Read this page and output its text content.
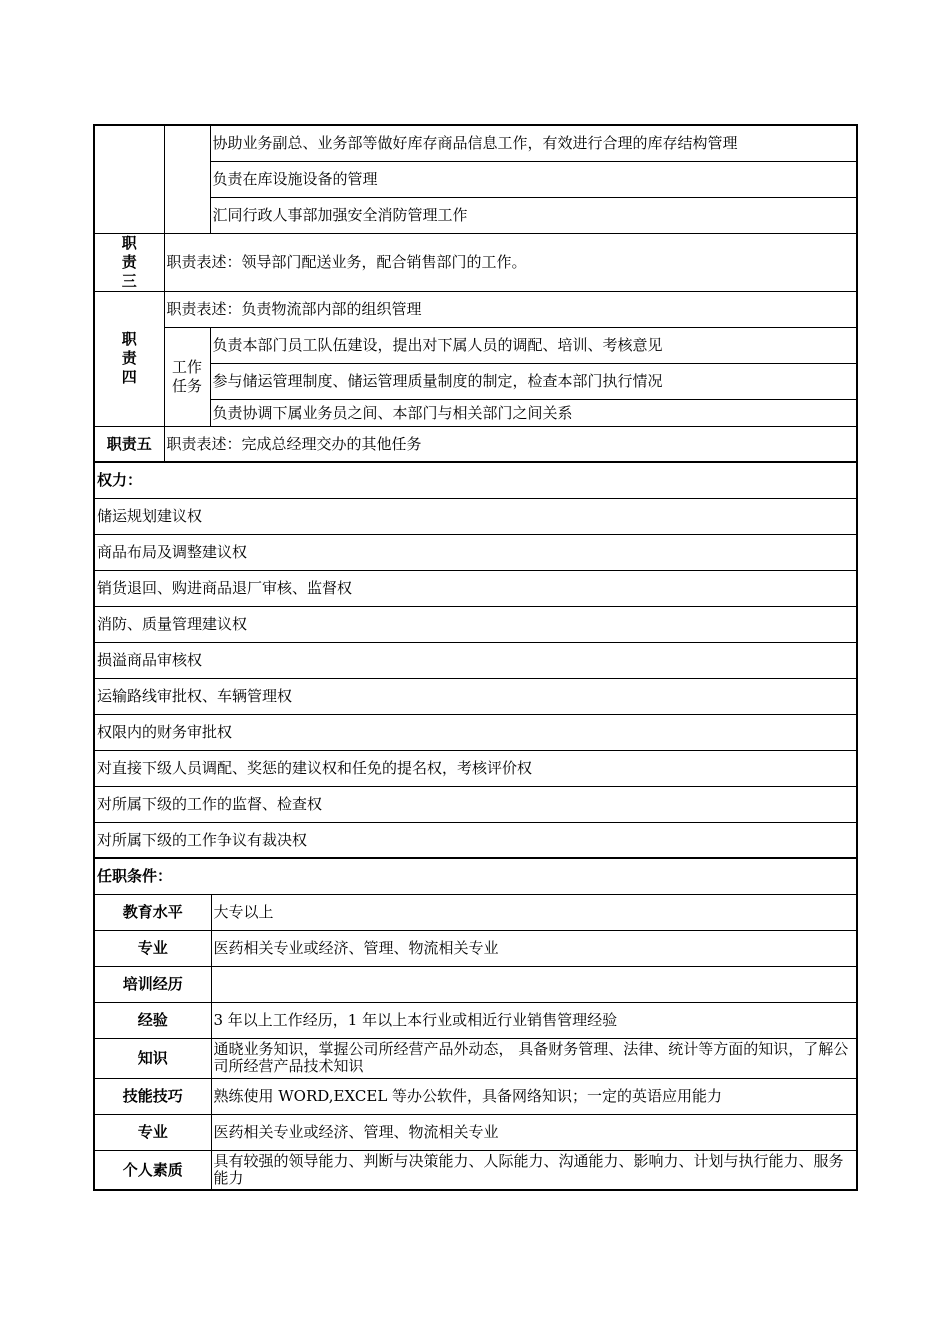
		协助业务副总、业务部等做好库存商品信息工作，有效进行合理的库存结构管理
		负责在库设施设备的管理
		汇同行政人事部加强安全消防管理工作

职
责
三	职责表述：领导部门配送业务，配合销售部门的工作。	

职
责
四	职责表述：负责物流部内部的组织管理	

	工作
任务	负责本部门员工队伍建设，提出对下属人员的调配、培训、考核意见
		参与储运管理制度、储运管理质量制度的制定，检查本部门执行情况
		负责协调下属业务员之间、本部门与相关部门之间关系
职责五	职责表述：完成总经理交办的其他任务	
权力：
储运规划建议权
商品布局及调整建议权
销货退回、购进商品退厂审核、监督权
消防、质量管理建议权
损溢商品审核权
运输路线审批权、车辆管理权
权限内的财务审批权
对直接下级人员调配、奖惩的建议权和任免的提名权，考核评价权
对所属下级的工作的监督、检查权
对所属下级的工作争议有裁决权
任职条件：	
教育水平	大专以上
专业	医药相关专业或经济、管理、物流相关专业
培训经历	
经验	3 年以上工作经历，1 年以上本行业或相近行业销售管理经验
知识	通晓业务知识，掌握公司所经营产品外动态， 具备财务管理、法律、统计等方面的知识，了解公司所经营产品技术知识
技能技巧	熟练使用 WORD,EXCEL 等办公软件，具备网络知识；一定的英语应用能力
专业	医药相关专业或经济、管理、物流相关专业
个人素质	具有较强的领导能力、判断与决策能力、人际能力、沟通能力、影响力、计划与执行能力、服务能力
